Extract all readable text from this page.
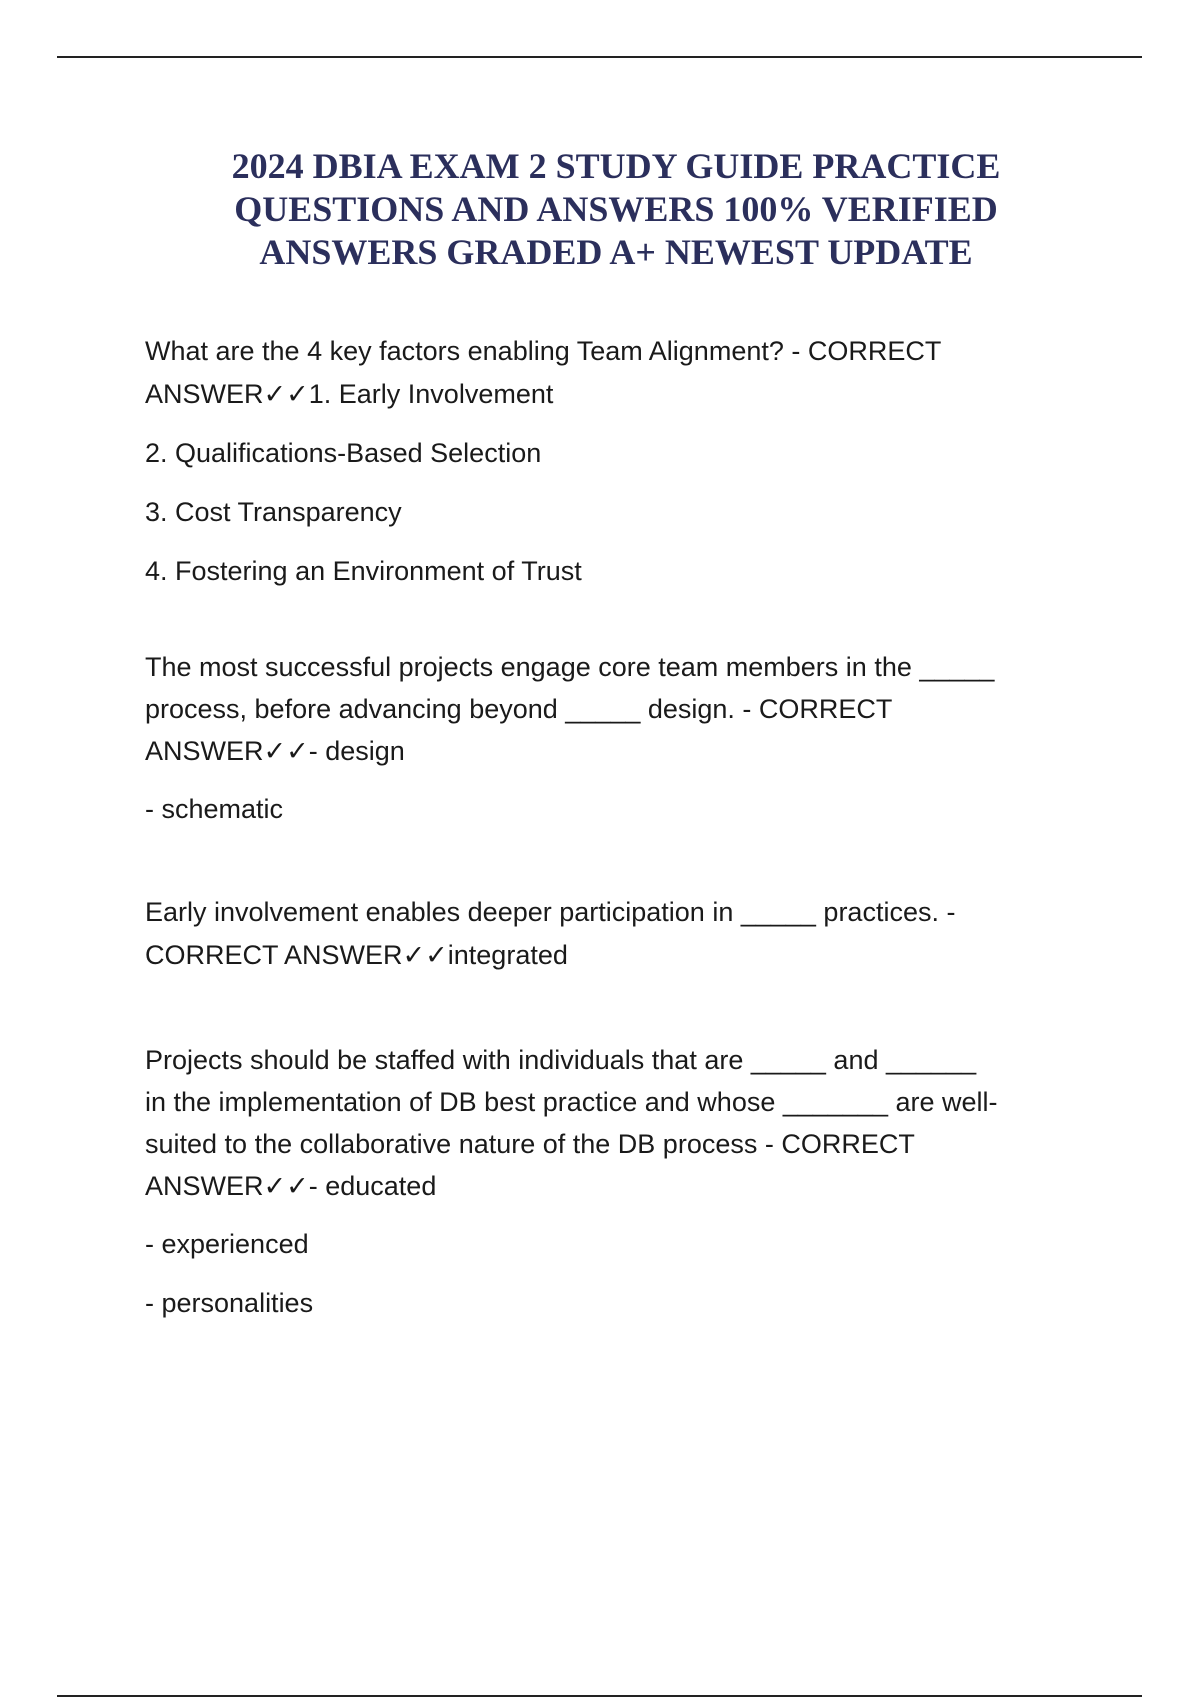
2024 DBIA EXAM 2 STUDY GUIDE PRACTICE
QUESTIONS AND ANSWERS 100% VERIFIED
ANSWERS GRADED A+ NEWEST UPDATE

What are the 4 key factors enabling Team Alignment? - CORRECT
ANSWER✓✓1. Early Involvement

2. Qualifications-Based Selection

3. Cost Transparency

4. Fostering an Environment of Trust

The most successful projects engage core team members in the _____
process, before advancing beyond _____ design. - CORRECT
ANSWER✓✓- design

- schematic

Early involvement enables deeper participation in _____ practices. -
CORRECT ANSWER✓✓integrated

Projects should be staffed with individuals that are _____ and ______
in the implementation of DB best practice and whose _______ are well-
suited to the collaborative nature of the DB process - CORRECT
ANSWER✓✓- educated

- experienced

- personalities
